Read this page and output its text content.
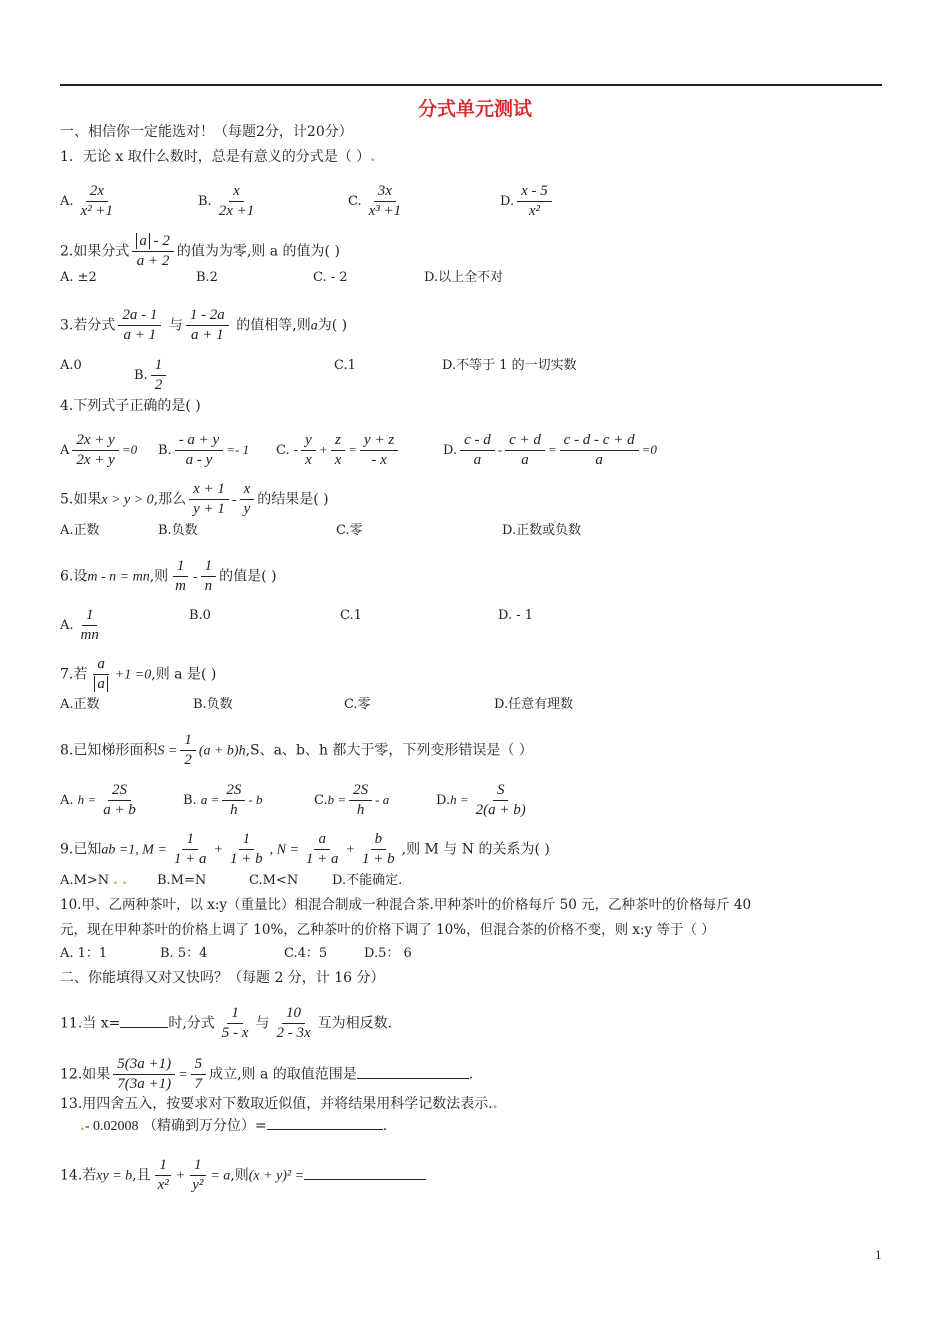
分式单元测试
一、相信你一定能选对！（每题2分，计20分）
1．无论 x 取什么数时，总是有意义的分式是（ ）.
A. $\frac{2x}{\text{x² +1}}$	B. $\frac{x}{2x +1}$	C. $\frac{3x}{\text{x³ +1}}$	D. $\frac{x - 5}{\text{x²}}$
2.如果分式 $\frac{a - 2}{a + 2}$ 的值为为零,则 a 的值为( )
A. ±2	B.2	C. - 2	D.以上全不对
3.若分式 $\frac{2a - 1}{a + 1}$ 与 $\frac{1 - 2a}{a + 1}$ 的值相等,则a为( )
A.0
B. $\frac{1}{2}$	C.1	D.不等于 1 的一切实数
4.下列式子正确的是( )
A $\frac{2x + y}{2x + y} =0$ B. $\frac{- a + y}{a - y} =- 1$ C. - $\frac{y}{x} + \frac{z}{x} = \frac{y + z}{- x}$	D. $\frac{c - d}{a} - \frac{c + d}{a} = \frac{c - d - c + d}{a} =0$
5.如果x > y > 0,那么 $\frac{x + 1}{y + 1} - \frac{x}{y}$ 的结果是( )
A.正数	B.负数	C.零	D.正数或负数
6.设m - n = mn,则 $\frac{1}{m} - \frac{1}{n}$ 的值是( )
A. $\frac{1}{mn}$	B.0	C.1	D. - 1
7.若 $\frac{a}{a} +1 =0$,则 a 是( )
A.正数	B.负数	C.零	D.任意有理数
8.已知梯形面积$S = \frac{1}{2} (a + b)h,S$、a、b、h 都大于零，下列变形错误是（ ）
A. $h = \frac{2S}{a + b}$	B. $a = \frac{2S}{h} - b$	$C.b = \frac{2S}{h} - a$	$D.h = \frac{S}{2(a + b)}$
9.已知ab =1, $M = \frac{1}{1 + a} + \frac{1}{1 + b}$ , $N = \frac{a}{1 + a} + \frac{b}{1 + b}$ ,则 M 与 N 的关系为( )
A.M>N . . B.M=N	C.M<N	D.不能确定.
10.甲、乙两种茶叶，以 x:y（重量比）相混合制成一种混合茶.甲种茶叶的价格每斤 50 元，乙种茶叶的价格每斤 40
元，现在甲种茶叶的价格上调了 10%，乙种茶叶的价格下调了 10%，但混合茶的价格不变，则 x:y 等于（ ）
A. 1：1	B. 5：4	C.4：5	D.5： 6
二、你能填得又对又快吗？（每题 2 分，计 16 分）
11.当 x=	时,分式 $\frac{1}{5 - x}$ 与 $\frac{10}{2 - 3x}$ 互为相反数.
12.如果 $\frac{5(3a +1)}{7(3a +1)} = \frac{5}{7}$ 成立,则 a 的取值范围是	.
13.用四舍五入，按要求对下数取近似值，并将结果用科学记数法表示..
.- 0.02008 （精确到万分位）=	.
14.若xy = b,且 $\frac{1}{\text{x²}} + \frac{1}{\text{y²}} = a$,则(x + y)² =
1
